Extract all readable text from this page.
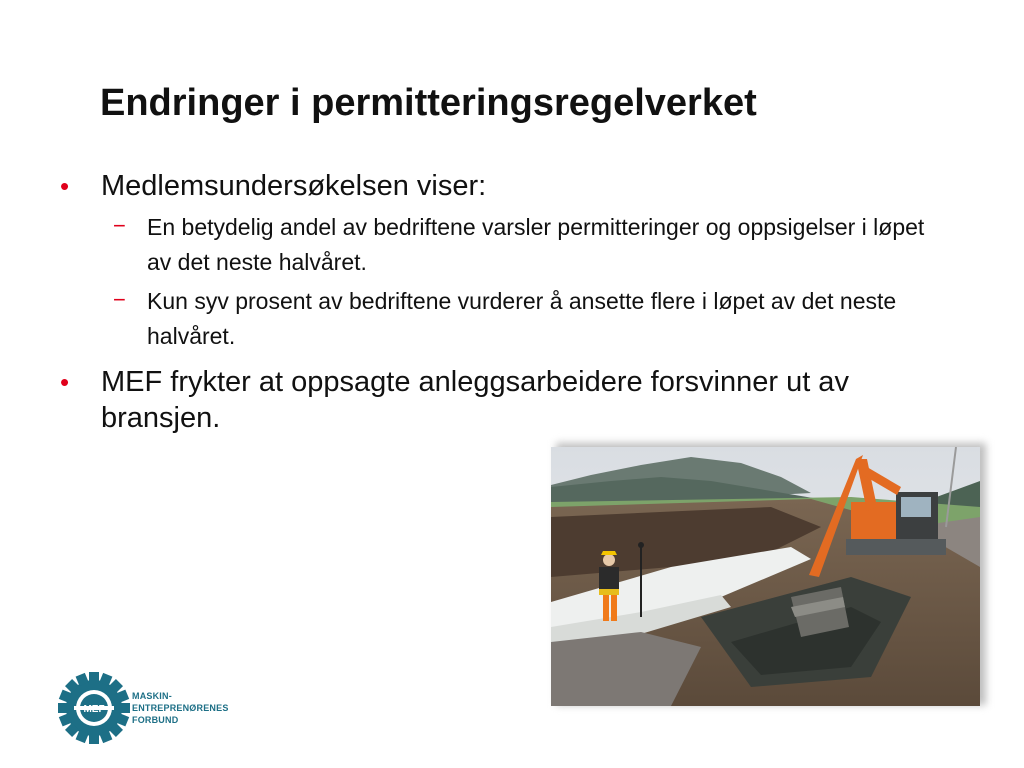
Endringer i permitteringsregelverket
• Medlemsundersøkelsen viser:
− En betydelig andel av bedriftene varsler permitteringer og oppsigelser i løpet av det neste halvåret.
− Kun syv prosent av bedriftene vurderer å ansette flere i løpet av det neste halvåret.
• MEF frykter at oppsagte anleggsarbeidere forsvinner ut av bransjen.
MEF
MASKIN-
ENTREPRENØRENES
FORBUND
